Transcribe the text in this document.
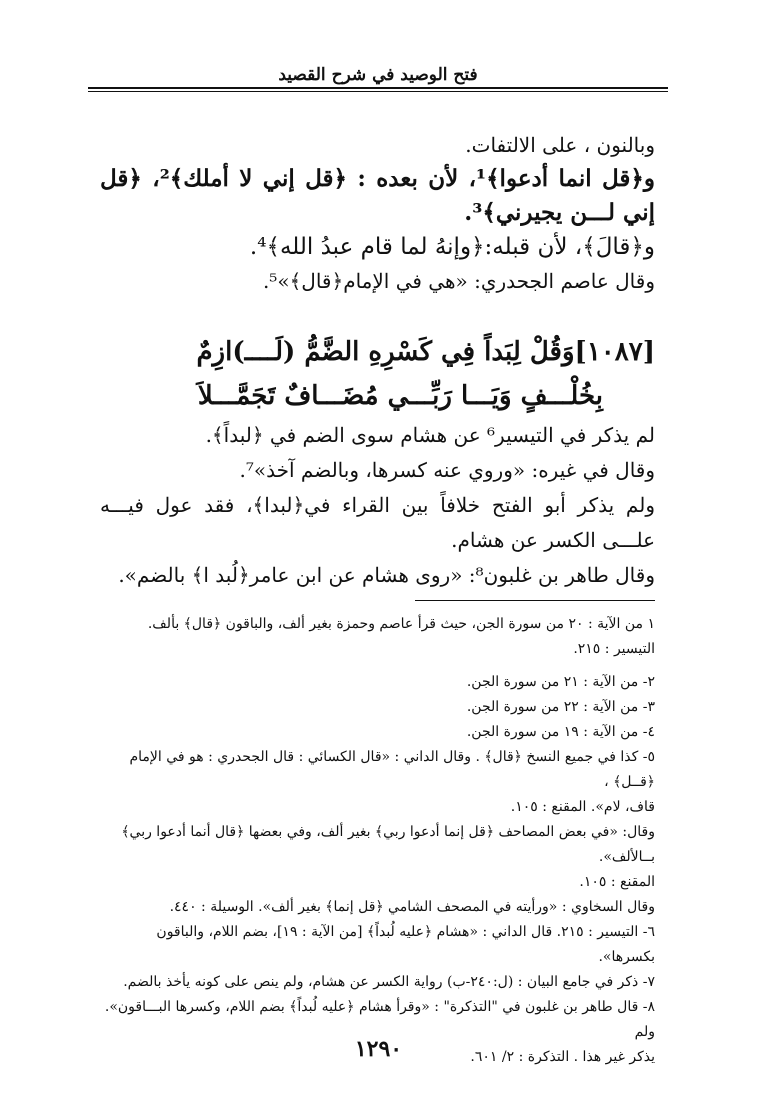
فتح الوصيد في شرح القصيد

وبالنون ، على الالتفات.

و﴿قل انما أدعوا﴾¹، لأن بعده : ﴿قل إني لا أملك﴾²، ﴿قل إني لـــن يجيرني﴾³.

و﴿قالَ﴾، لأن قبله:﴿وإنهُ لما قام عبدُ الله﴾⁴.

وقال عاصم الجحدري: «هي في الإمام﴿قال﴾»⁵.

[١٠٨٧]وَقُلْ لِبَداً فِي كَسْرِهِ الضَّمُّ (لَــــ)ازِمٌ
بِخُلْـــفٍ وَيَـــا رَبِّـــي مُضَـــافٌ تَجَمَّـــلاَ

لم يذكر في التيسير⁶ عن هشام سوى الضم في ﴿لبداً﴾.

وقال في غيره: «وروي عنه كسرها، وبالضم آخذ»⁷.

ولم يذكر أبو الفتح خلافاً بين القراء في﴿لبدا﴾، فقد عول فيـــه علـــى الكسر عن هشام.

وقال طاهر بن غلبون⁸: «روى هشام عن ابن عامر﴿لُبد ا﴾ بالضم».

١ من الآية : ٢٠ من سورة الجن، حيث قرأ عاصم وحمزة بغير ألف، والباقون ﴿قال﴾ بألف.

التيسير : ٢١٥.

٢- من الآية : ٢١ من سورة الجن.

٣- من الآية : ٢٢ من سورة الجن.

٤- من الآية : ١٩ من سورة الجن.

٥- كذا في جميع النسخ ﴿قال﴾ . وقال الداني : «قال الكسائي : قال الجحدري : هو في الإمام ﴿قــل﴾ ،

قاف، لام». المقنع : ١٠٥.

وقال: «في بعض المصاحف ﴿قل إنما أدعوا ربي﴾ بغير ألف، وفي بعضها ﴿قال أنما أدعوا ربي﴾ بــالألف».

المقنع : ١٠٥.

وقال السخاوي : «ورأيته في المصحف الشامي ﴿قل إنما﴾ بغير ألف». الوسيلة : ٤٤٠.

٦- التيسير : ٢١٥. قال الداني : «هشام ﴿عليه لُبداً﴾ [من الآية : ١٩]، بضم اللام، والباقون بكسرها».

٧- ذكر في جامع البيان : (ل:٢٤٠-ب) رواية الكسر عن هشام، ولم ينص على كونه يأخذ بالضم.

٨- قال طاهر بن غلبون في "التذكرة" : «وقرأ هشام ﴿عليه لُبداً﴾ بضم اللام، وكسرها البـــاقون». ولم

يذكر غير هذا . التذكرة : ٢/ ٦٠١.

١٢٩٠
